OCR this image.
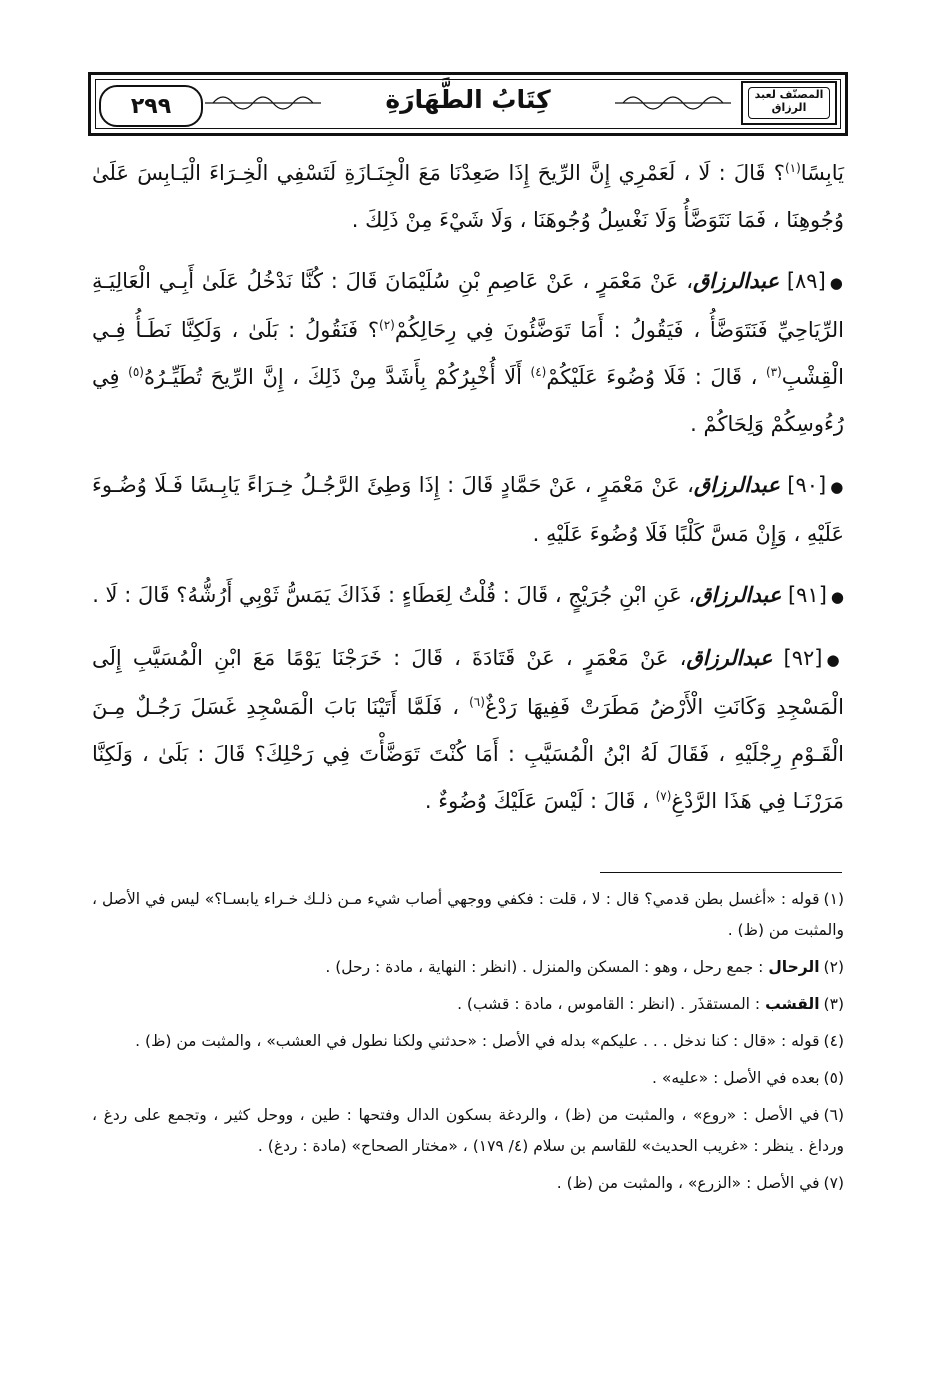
٢٩٩	كِتَابُ الطَّهَارَةِ	المصنّف لعبد الرزاق

يَابِسًا$^{(١)}$؟ قَالَ : لَا ، لَعَمْرِي إِنَّ الرِّيحَ إِذَا صَعِدْنَا مَعَ الْجِنَـازَةِ لَتَسْفِي الْخِـرَاءَ الْيَـابِسَ عَلَىٰ وُجُوهِنَا ، فَمَا نَتَوَضَّأُ وَلَا نَغْسِلُ وُجُوهَنَا ، وَلَا شَيْءَ مِنْ ذَلِكَ .

●[٨٩] عبدالرزاق، عَنْ مَعْمَرٍ ، عَنْ عَاصِمِ بْنِ سُلَيْمَانَ قَالَ : كُنَّا نَدْخُلُ عَلَىٰ أَبِـي الْعَالِيَـةِ الرِّيَاحِيِّ فَنَتَوَضَّأُ ، فَيَقُولُ : أَمَا تَوَضَّئُونَ فِي رِحَالِكُمْ$^{(٢)}$؟ فَنَقُولُ : بَلَىٰ ، وَلَكِنَّا نَطَـأُ فِـي الْقِشْبِ$^{(٣)}$ ، قَالَ : فَلَا وُضُوءَ عَلَيْكُمْ$^{(٤)}$ أَلَا أُخْبِرُكُمْ بِأَشَدَّ مِنْ ذَلِكَ ، إِنَّ الرِّيحَ تُطَيِّـرُهُ$^{(٥)}$ فِي رُءُوسِكُمْ وَلِحَاكُمْ .

●[٩٠] عبدالرزاق، عَنْ مَعْمَرٍ ، عَنْ حَمَّادٍ قَالَ : إِذَا وَطِئَ الرَّجُـلُ خِـرَاءً يَابِـسًا فَـلَا وُضُـوءَ عَلَيْهِ ، وَإِنْ مَسَّ كَلْبًا فَلَا وُضُوءَ عَلَيْهِ .

●[٩١] عبدالرزاق، عَنِ ابْنِ جُرَيْجٍ ، قَالَ : قُلْتُ لِعَطَاءٍ : فَذَاكَ يَمَسُّ ثَوْبِي أَرُشُّهُ؟ قَالَ : لَا .

●[٩٢] عبدالرزاق، عَنْ مَعْمَرٍ ، عَنْ قَتَادَةَ ، قَالَ : خَرَجْنَا يَوْمًا مَعَ ابْنِ الْمُسَيَّبِ إِلَى الْمَسْجِدِ وَكَانَتِ الْأَرْضُ مَطَرَتْ فَفِيهَا رَدْغٌ$^{(٦)}$ ، فَلَمَّا أَتَيْنَا بَابَ الْمَسْجِدِ غَسَلَ رَجُـلٌ مِـنَ الْقَـوْمِ رِجْلَيْهِ ، فَقَالَ لَهُ ابْنُ الْمُسَيَّبِ : أَمَا كُنْتَ تَوَضَّأْتَ فِي رَحْلِكَ؟ قَالَ : بَلَىٰ ، وَلَكِنَّا مَرَرْنَـا فِي هَذَا الرَّدْغِ$^{(٧)}$ ، قَالَ : لَيْسَ عَلَيْكَ وُضُوءٌ .

(١)قوله : «أغسل بطن قدمي؟ قال : لا ، قلت : فكفي ووجهي أصاب شيء مـن ذلـك خـراء يابسـا؟» ليس في الأصل ، والمثبت من (ظ) .

(٢)الرحال : جمع رحل ، وهو : المسكن والمنزل . (انظر : النهاية ، مادة : رحل) .

(٣)القشب : المستقذَر . (انظر : القاموس ، مادة : قشب) .

(٤)قوله : «قال : كنا ندخل . . . عليكم» بدله في الأصل : «حدثني ولكنا نطول في العشب» ، والمثبت من (ظ) .

(٥)بعده في الأصل : «عليه» .

(٦)في الأصل : «روع» ، والمثبت من (ظ) ، والردغة بسكون الدال وفتحها : طين ، ووحل كثير ، وتجمع على ردغ ، ورداغ . ينظر : «غريب الحديث» للقاسم بن سلام (٤/ ١٧٩) ، «مختار الصحاح» (مادة : ردغ) .

(٧)في الأصل : «الزرع» ، والمثبت من (ظ) .
